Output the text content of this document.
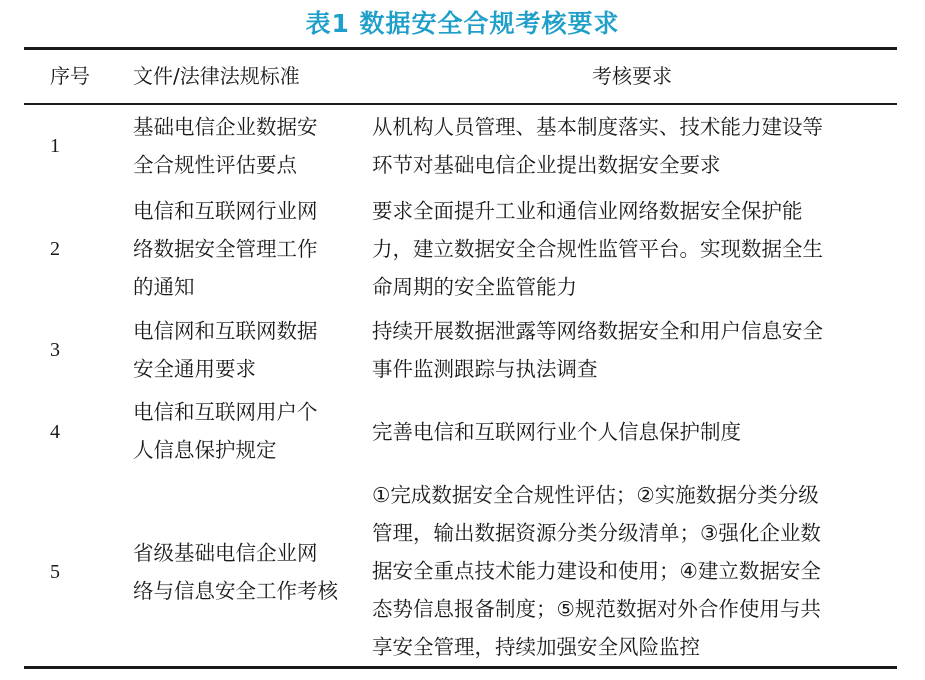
表1 数据安全合规考核要求
序号	文件/法律法规标准	考核要求
1
基础电信企业数据安
全合规性评估要点
从机构人员管理、基本制度落实、技术能力建设等
环节对基础电信企业提出数据安全要求
2
电信和互联网行业网
络数据安全管理工作
的通知
要求全面提升工业和通信业网络数据安全保护能
力，建立数据安全合规性监管平台。实现数据全生
命周期的安全监管能力
3
电信网和互联网数据
安全通用要求
持续开展数据泄露等网络数据安全和用户信息安全
事件监测跟踪与执法调查
4
电信和互联网用户个
人信息保护规定
完善电信和互联网行业个人信息保护制度
5
省级基础电信企业网
络与信息安全工作考核
①完成数据安全合规性评估；②实施数据分类分级
管理，输出数据资源分类分级清单；③强化企业数
据安全重点技术能力建设和使用；④建立数据安全
态势信息报备制度；⑤规范数据对外合作使用与共
享安全管理，持续加强安全风险监控
